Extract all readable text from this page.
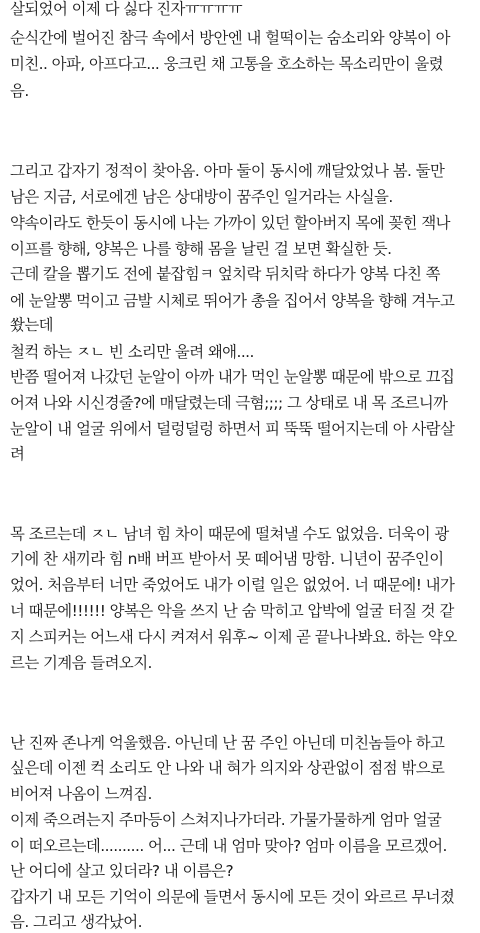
살되었어 이제 다 싫다 진자ㅠㅠㅠㅠ
순식간에 벌어진 참극 속에서 방안엔 내 헐떡이는 숨소리와 양복이 아
미친.. 아파, 아프다고... 웅크린 채 고통을 호소하는 목소리만이 울렸
음.
그리고 갑자기 정적이 찾아옴. 아마 둘이 동시에 깨달았었나 봄. 둘만
남은 지금, 서로에겐 남은 상대방이 꿈주인 일거라는 사실을.
약속이라도 한듯이 동시에 나는 가까이 있던 할아버지 목에 꽂힌 잭나
이프를 향해, 양복은 나를 향해 몸을 날린 걸 보면 확실한 듯.
근데 칼을 뽑기도 전에 붙잡힘ㅋ 엎치락 뒤치락 하다가 양복 다친 쪽
에 눈알뽕 먹이고 금발 시체로 뛰어가 총을 집어서 양복을 향해 겨누고
쐈는데
철컥 하는 ㅈㄴ 빈 소리만 울려 왜애....
반쯤 떨어져 나갔던 눈알이 아까 내가 먹인 눈알뽕 때문에 밖으로 끄집
어져 나와 시신경줄?에 매달렸는데 극혐;;;; 그 상태로 내 목 조르니까
눈알이 내 얼굴 위에서 덜렁덜렁 하면서 피 뚝뚝 떨어지는데 아 사람살
려
목 조르는데 ㅈㄴ 남녀 힘 차이 때문에 떨쳐낼 수도 없었음. 더욱이 광
기에 찬 새끼라 힘 n배 버프 받아서 못 떼어냄 망함. 니년이 꿈주인이
었어. 처음부터 너만 죽었어도 내가 이럴 일은 없었어. 너 때문에! 내가
너 때문에!!!!!! 양복은 악을 쓰지 난 숨 막히고 압박에 얼굴 터질 것 같
지 스피커는 어느새 다시 켜져서 워후~ 이제 곧 끝나나봐요. 하는 약오
르는 기계음 들려오지.
난 진짜 존나게 억울했음. 아닌데 난 꿈 주인 아닌데 미친놈들아 하고
싶은데 이젠 컥 소리도 안 나와 내 혀가 의지와 상관없이 점점 밖으로
비어져 나옴이 느껴짐.
이제 죽으려는지 주마등이 스쳐지나가더라. 가물가물하게 엄마 얼굴
이 떠오르는데.......... 어... 근데 내 엄마 맞아? 엄마 이름을 모르겠어.
난 어디에 살고 있더라? 내 이름은?
갑자기 내 모든 기억이 의문에 들면서 동시에 모든 것이 와르르 무너졌
음. 그리고 생각났어.
